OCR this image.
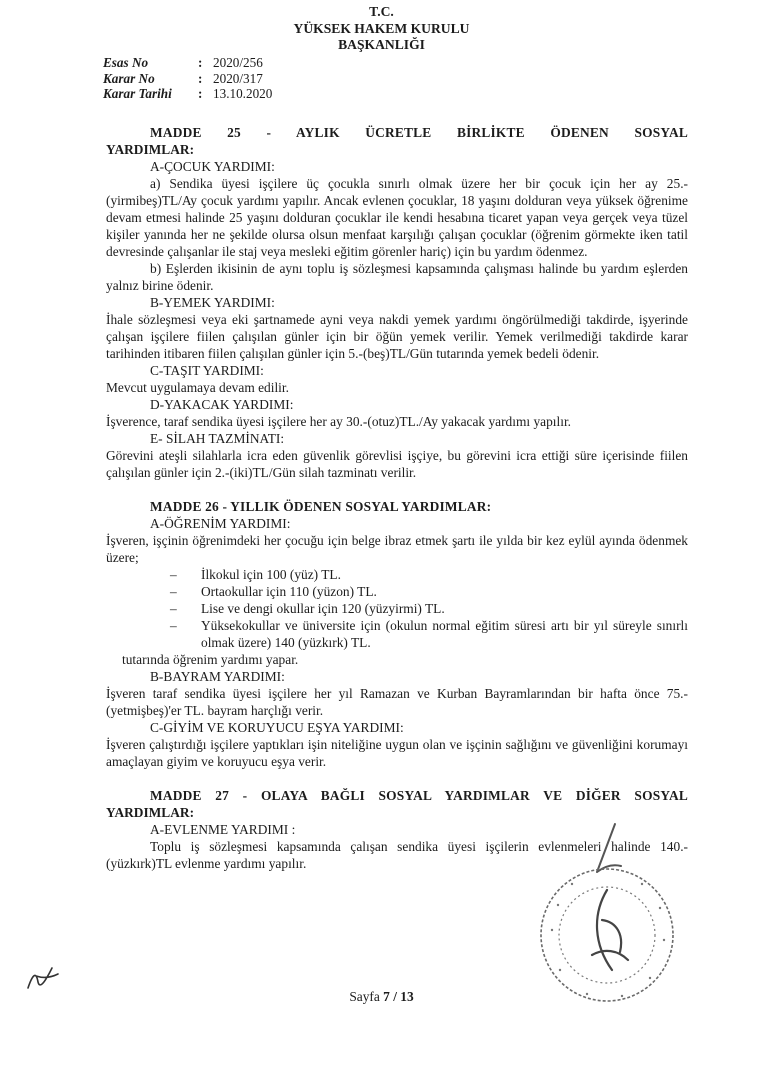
T.C.
YÜKSEK HAKEM KURULU
BAŞKANLIĞI
Esas No	: 2020/256
Karar No	: 2020/317
Karar Tarihi	: 13.10.2020

MADDE 25 - AYLIK ÜCRETLE BİRLİKTE ÖDENEN SOSYAL

YARDIMLAR:

A-ÇOCUK YARDIMI:

a) Sendika üyesi işçilere üç çocukla sınırlı olmak üzere her bir çocuk için her ay 25.-(yirmibeş)TL/Ay çocuk yardımı yapılır. Ancak evlenen çocuklar, 18 yaşını dolduran veya yüksek öğrenime devam etmesi halinde 25 yaşını dolduran çocuklar ile kendi hesabına ticaret yapan veya gerçek veya tüzel kişiler yanında her ne şekilde olursa olsun menfaat karşılığı çalışan çocuklar (öğrenim görmekte iken tatil devresinde çalışanlar ile staj veya mesleki eğitim görenler hariç) için bu yardım ödenmez.

b) Eşlerden ikisinin de aynı toplu iş sözleşmesi kapsamında çalışması halinde bu yardım eşlerden yalnız birine ödenir.

B-YEMEK YARDIMI:

İhale sözleşmesi veya eki şartnamede ayni veya nakdi yemek yardımı öngörülmediği takdirde, işyerinde çalışan işçilere fiilen çalışılan günler için bir öğün yemek verilir. Yemek verilmediği takdirde karar tarihinden itibaren fiilen çalışılan günler için 5.-(beş)TL/Gün tutarında yemek bedeli ödenir.

C-TAŞIT YARDIMI:

Mevcut uygulamaya devam edilir.

D-YAKACAK YARDIMI:

İşverence, taraf sendika üyesi işçilere her ay 30.-(otuz)TL./Ay yakacak yardımı yapılır.

E- SİLAH TAZMİNATI:

Görevini ateşli silahlarla icra eden güvenlik görevlisi işçiye, bu görevini icra ettiği süre içerisinde fiilen çalışılan günler için 2.-(iki)TL/Gün silah tazminatı verilir.

MADDE 26 - YILLIK ÖDENEN SOSYAL YARDIMLAR:

A-ÖĞRENİM YARDIMI:

İşveren, işçinin öğrenimdeki her çocuğu için belge ibraz etmek şartı ile yılda bir kez eylül ayında ödenmek üzere;

– İlkokul için 100 (yüz) TL.
– Ortaokullar için 110 (yüzon) TL.
– Lise ve dengi okullar için 120 (yüzyirmi) TL.
– Yüksekokullar ve üniversite için (okulun normal eğitim süresi artı bir yıl süreyle sınırlı olmak üzere) 140 (yüzkırk) TL.

tutarında öğrenim yardımı yapar.

B-BAYRAM YARDIMI:

İşveren taraf sendika üyesi işçilere her yıl Ramazan ve Kurban Bayramlarından bir hafta önce 75.-(yetmişbeş)'er TL. bayram harçlığı verir.

C-GİYİM VE KORUYUCU EŞYA YARDIMI:

İşveren çalıştırdığı işçilere yaptıkları işin niteliğine uygun olan ve işçinin sağlığını ve güvenliğini korumayı amaçlayan giyim ve koruyucu eşya verir.

MADDE 27 - OLAYA BAĞLI SOSYAL YARDIMLAR VE DİĞER SOSYAL

YARDIMLAR:

A-EVLENME YARDIMI :

Toplu iş sözleşmesi kapsamında çalışan sendika üyesi işçilerin evlenmeleri halinde 140.-(yüzkırk)TL evlenme yardımı yapılır.

Sayfa 7 / 13
